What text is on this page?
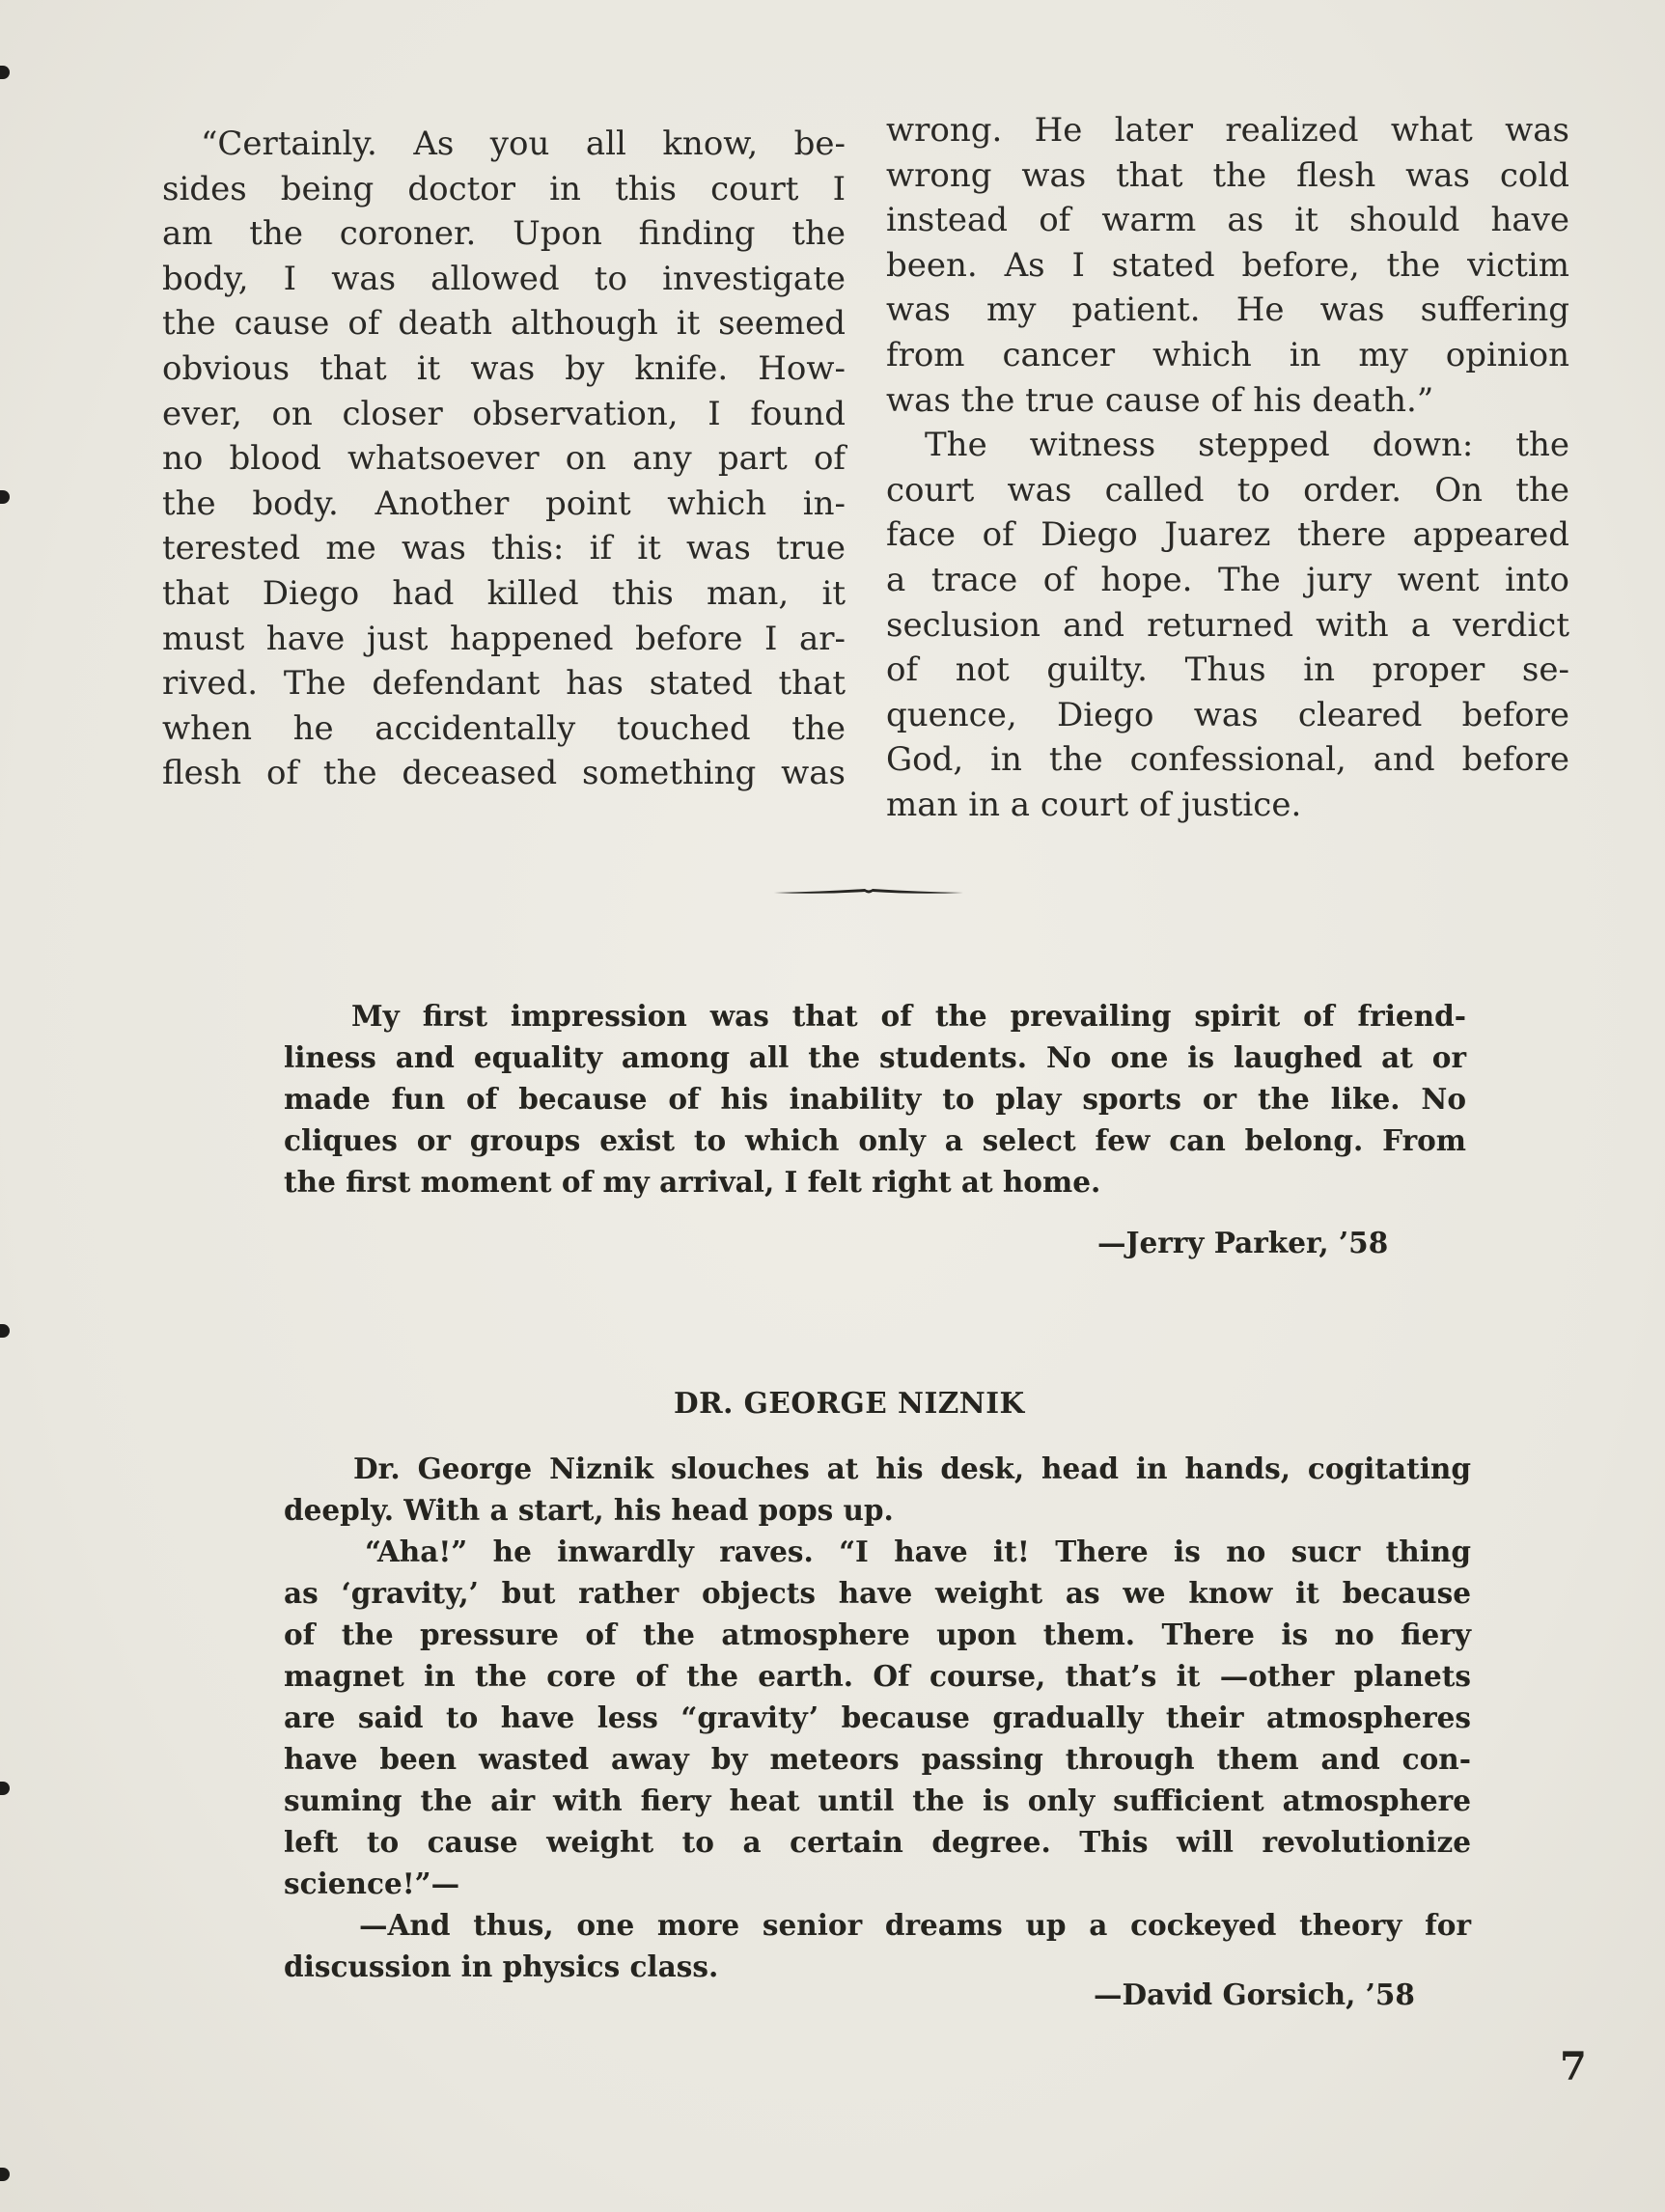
“Certainly. As you all know, be-
sides being doctor in this court I
am the coroner. Upon finding the
body, I was allowed to investigate
the cause of death although it seemed
obvious that it was by knife. How-
ever, on closer observation, I found
no blood whatsoever on any part of
the body. Another point which in-
terested me was this: if it was true
that Diego had killed this man, it
must have just happened before I ar-
rived. The defendant has stated that
when he accidentally touched the
flesh of the deceased something was
wrong. He later realized what was
wrong was that the flesh was cold
instead of warm as it should have
been. As I stated before, the victim
was my patient. He was suffering
from cancer which in my opinion
was the true cause of his death.”
The witness stepped down: the
court was called to order. On the
face of Diego Juarez there appeared
a trace of hope. The jury went into
seclusion and returned with a verdict
of not guilty. Thus in proper se-
quence, Diego was cleared before
God, in the confessional, and before
man in a court of justice.
My first impression was that of the prevailing spirit of friend-
liness and equality among all the students. No one is laughed at or
made fun of because of his inability to play sports or the like. No
cliques or groups exist to which only a select few can belong. From
the first moment of my arrival, I felt right at home.
—Jerry Parker, ’58
DR. GEORGE NIZNIK
Dr. George Niznik slouches at his desk, head in hands, cogitating
deeply. With a start, his head pops up.
“Aha!” he inwardly raves. “I have it! There is no sucr thing
as ‘gravity,’ but rather objects have weight as we know it because
of the pressure of the atmosphere upon them. There is no fiery
magnet in the core of the earth. Of course, that’s it —other planets
are said to have less “gravity’ because gradually their atmospheres
have been wasted away by meteors passing through them and con-
suming the air with fiery heat until the is only sufficient atmosphere
left to cause weight to a certain degree. This will revolutionize
science!”—
—And thus, one more senior dreams up a cockeyed theory for
discussion in physics class.
—David Gorsich, ’58
7
